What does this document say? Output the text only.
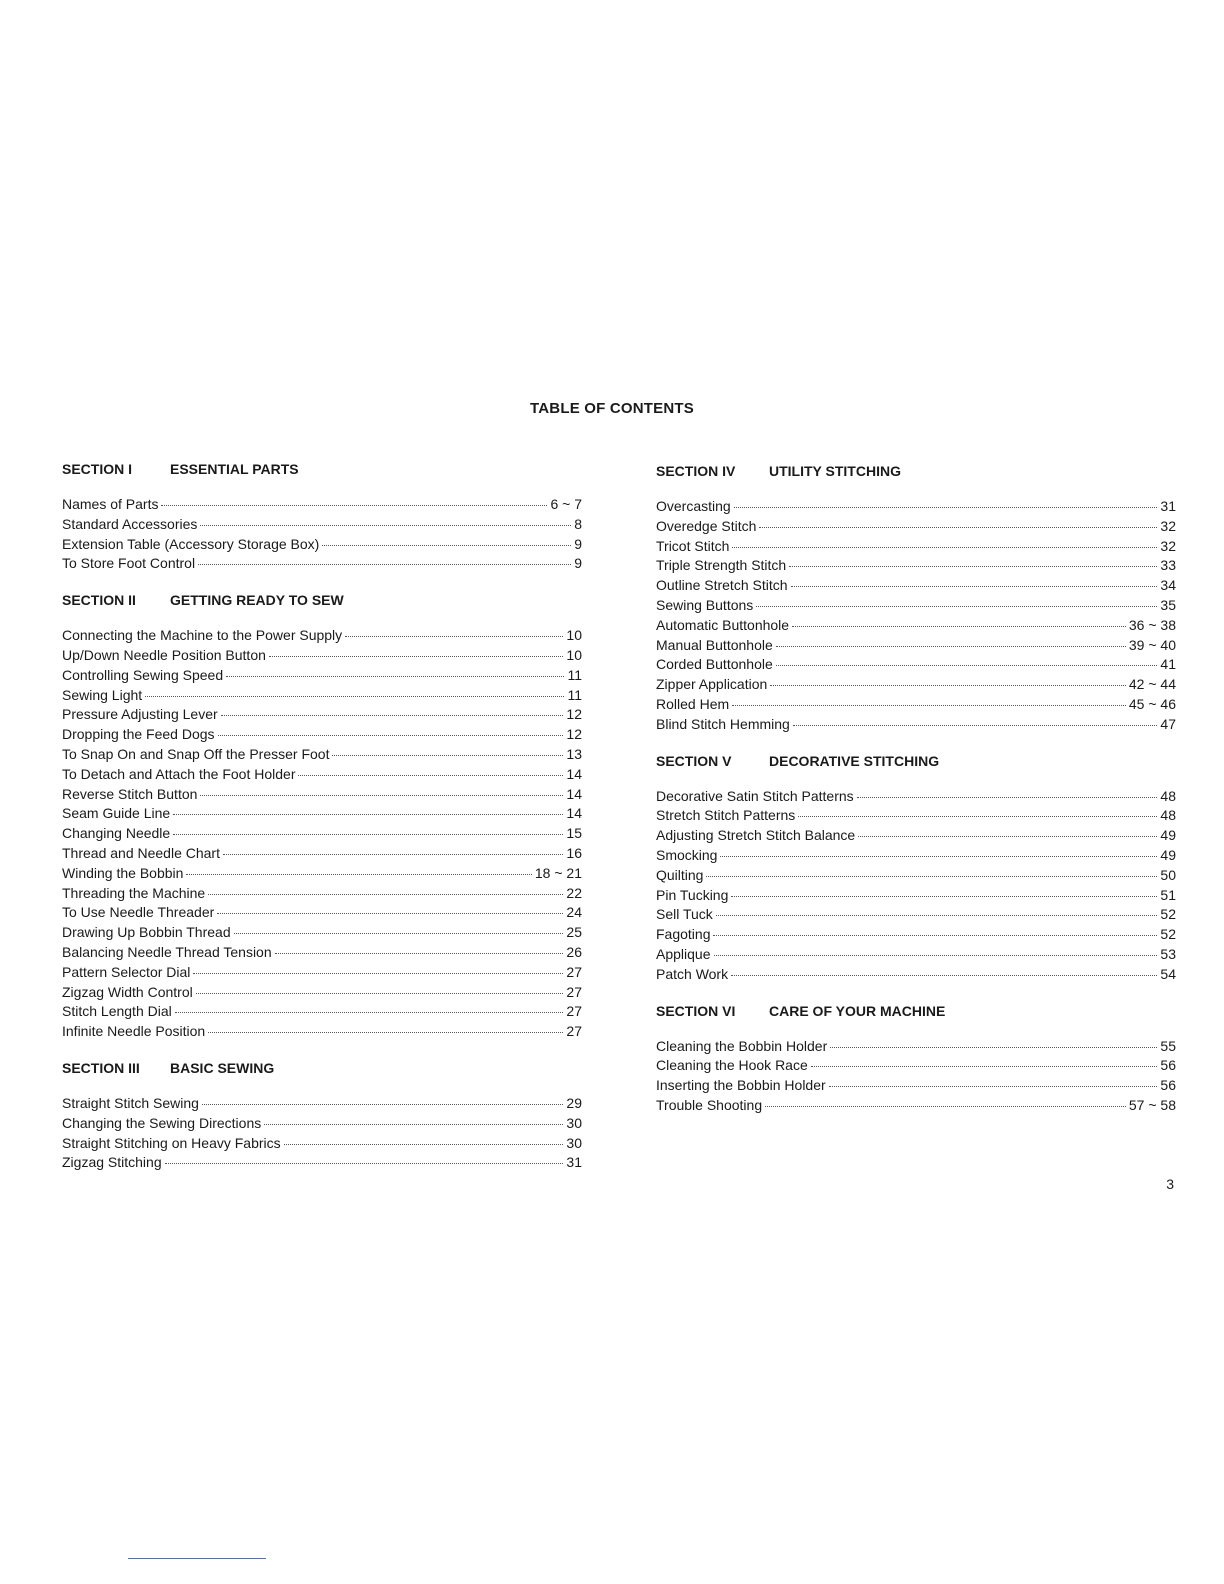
TABLE OF CONTENTS
SECTION I	ESSENTIAL PARTS
Names of Parts	6 ~ 7
Standard Accessories	8
Extension Table (Accessory Storage Box)	9
To Store Foot Control	9
SECTION II GETTING READY TO SEW
Connecting the Machine to the Power Supply	10
Up/Down Needle Position Button	10
Controlling Sewing Speed	11
Sewing Light	11
Pressure Adjusting Lever	12
Dropping the Feed Dogs	12
To Snap On and Snap Off the Presser Foot	13
To Detach and Attach the Foot Holder	14
Reverse Stitch Button	14
Seam Guide Line	14
Changing Needle	15
Thread and Needle Chart	16
Winding the Bobbin	18 ~ 21
Threading the Machine	22
To Use Needle Threader	24
Drawing Up Bobbin Thread	25
Balancing Needle Thread Tension	26
Pattern Selector Dial	27
Zigzag Width Control	27
Stitch Length Dial	27
Infinite Needle Position	27
SECTION III BASIC SEWING
Straight Stitch Sewing	29
Changing the Sewing Directions	30
Straight Stitching on Heavy Fabrics	30
Zigzag Stitching	31
SECTION IV UTILITY STITCHING
Overcasting	31
Overedge Stitch	32
Tricot Stitch	32
Triple Strength Stitch	33
Outline Stretch Stitch	34
Sewing Buttons	35
Automatic Buttonhole	36 ~ 38
Manual Buttonhole	39 ~ 40
Corded Buttonhole	41
Zipper Application	42 ~ 44
Rolled Hem	45 ~ 46
Blind Stitch Hemming	47
SECTION V	DECORATIVE STITCHING
Decorative Satin Stitch Patterns	48
Stretch Stitch Patterns	48
Adjusting Stretch Stitch Balance	49
Smocking	49
Quilting	50
Pin Tucking	51
Sell Tuck	52
Fagoting	52
Applique	53
Patch Work	54
SECTION VI CARE OF YOUR MACHINE
Cleaning the Bobbin Holder	55
Cleaning the Hook Race	56
Inserting the Bobbin Holder	56
Trouble Shooting	57 ~ 58
3
